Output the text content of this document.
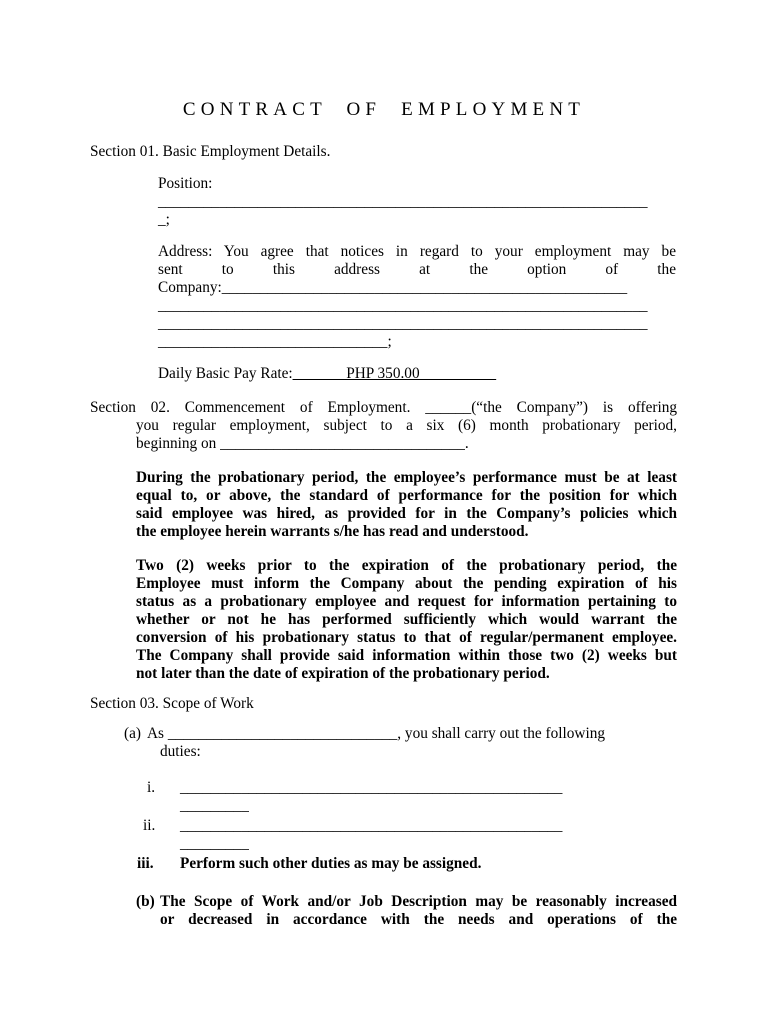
CONTRACT OF EMPLOYMENT
Section 01. Basic Employment Details.
Position:
________________________________________________________________
_;
Address: You agree that notices in regard to your employment may be
sent to this address at the option of the
Company:_____________________________________________________
________________________________________________________________
________________________________________________________________
______________________________;
Daily Basic Pay Rate:_______PHP 350.00__________
Section 02. Commencement of Employment. ______(“the Company”) is offering
you regular employment, subject to a six (6) month probationary period,
beginning on ________________________________.
During the probationary period, the employee’s performance must be at least
equal to, or above, the standard of performance for the position for which
said employee was hired, as provided for in the Company’s policies which
the employee herein warrants s/he has read and understood.
Two (2) weeks prior to the expiration of the probationary period, the
Employee must inform the Company about the pending expiration of his
status as a probationary employee and request for information pertaining to
whether or not he has performed sufficiently which would warrant the
conversion of his probationary status to that of regular/permanent employee.
The Company shall provide said information within those two (2) weeks but
not later than the date of expiration of the probationary period.
Section 03. Scope of Work
(a) As ______________________________, you shall carry out the following
duties:
i. __________________________________________________
_________
ii. __________________________________________________
_________
iii. Perform such other duties as may be assigned.
(b) The Scope of Work and/or Job Description may be reasonably increased
or decreased in accordance with the needs and operations of the
